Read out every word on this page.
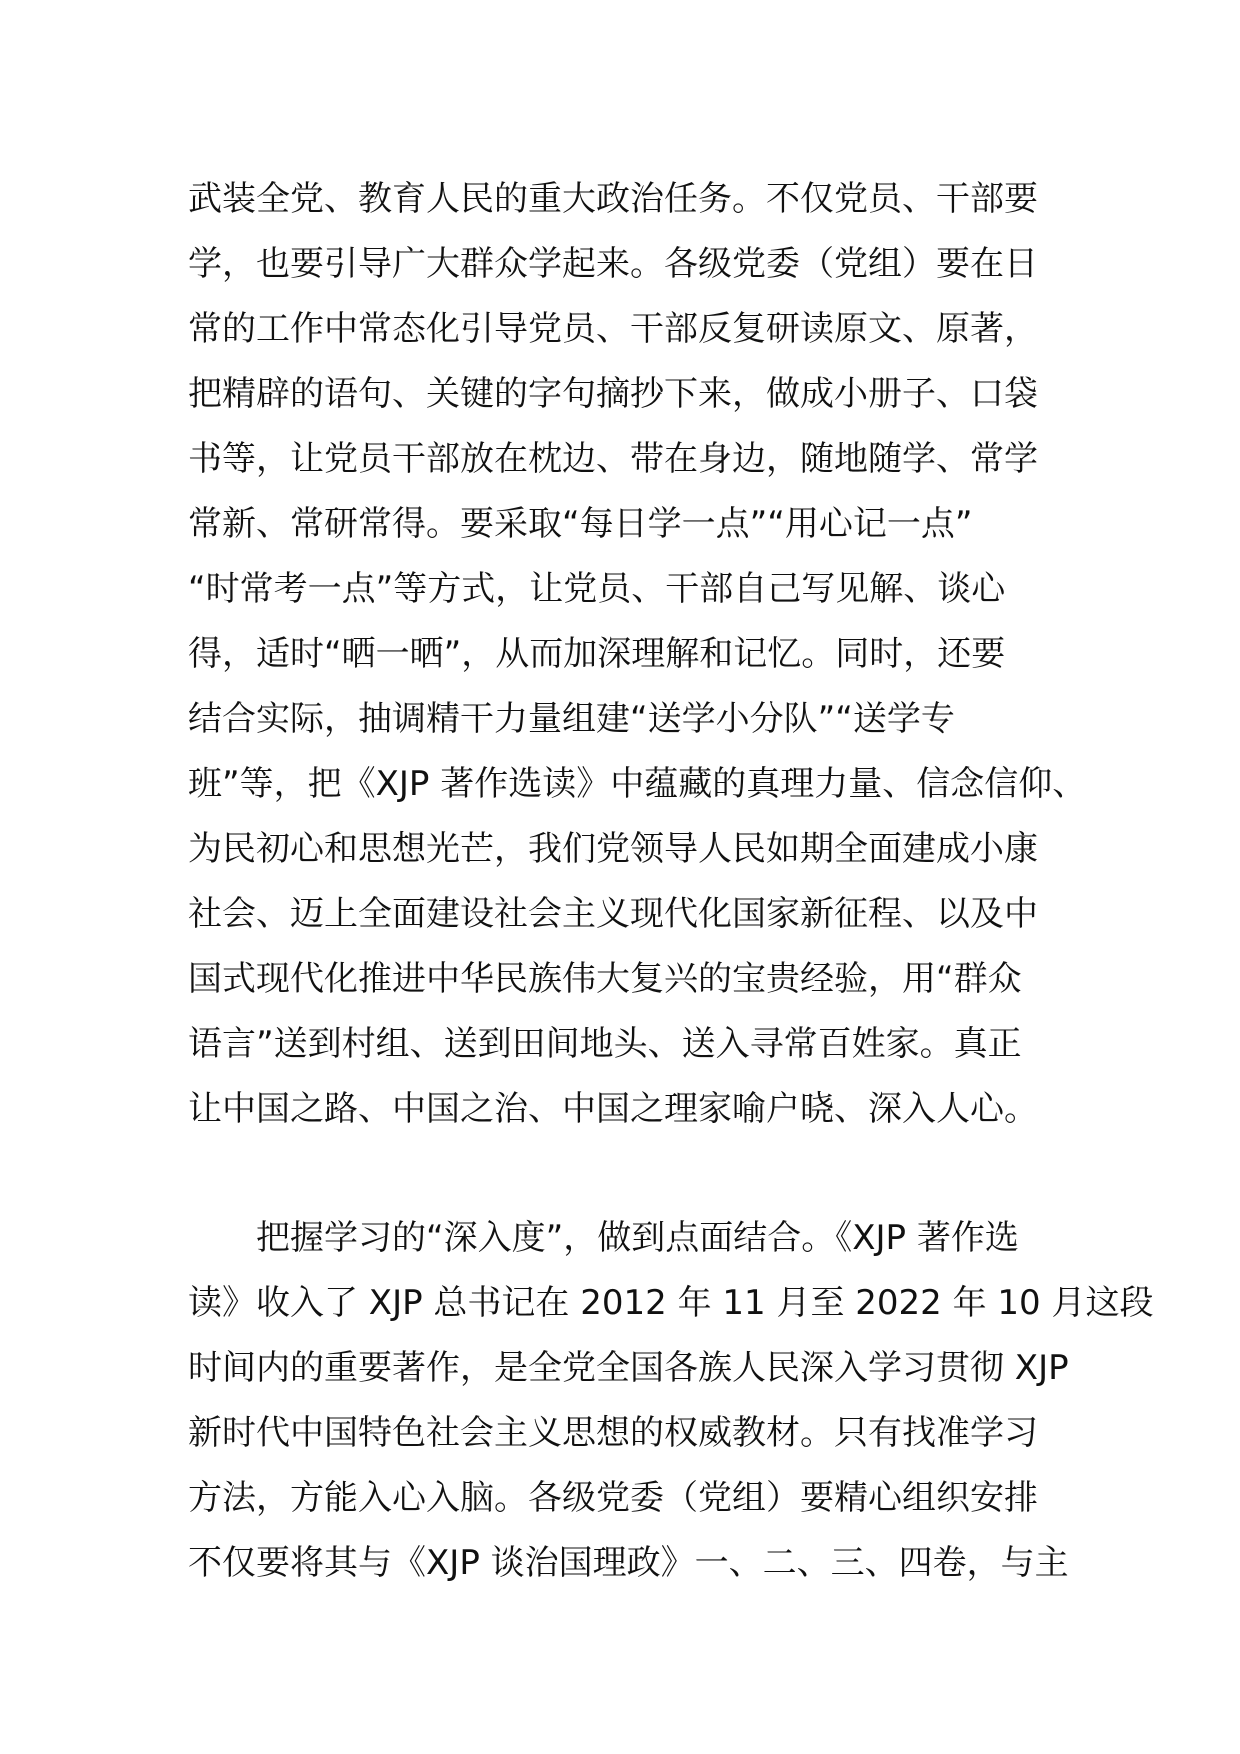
武装全党、教育人民的重大政治任务。不仅党员、干部要
学，也要引导广大群众学起来。各级党委（党组）要在日
常的工作中常态化引导党员、干部反复研读原文、原著，
把精辟的语句、关键的字句摘抄下来，做成小册子、口袋
书等，让党员干部放在枕边、带在身边，随地随学、常学
常新、常研常得。要采取“每日学一点”“用心记一点”
“时常考一点”等方式，让党员、干部自己写见解、谈心
得，适时“晒一晒”，从而加深理解和记忆。同时，还要
结合实际，抽调精干力量组建“送学小分队”“送学专
班”等，把《XJP 著作选读》中蕴藏的真理力量、信念信仰、
为民初心和思想光芒，我们党领导人民如期全面建成小康
社会、迈上全面建设社会主义现代化国家新征程、以及中
国式现代化推进中华民族伟大复兴的宝贵经验，用“群众
语言”送到村组、送到田间地头、送入寻常百姓家。真正
让中国之路、中国之治、中国之理家喻户晓、深入人心。
把握学习的“深入度”，做到点面结合。《XJP 著作选
读》收入了 XJP 总书记在 2012 年 11 月至 2022 年 10 月这段
时间内的重要著作，是全党全国各族人民深入学习贯彻 XJP
新时代中国特色社会主义思想的权威教材。只有找准学习
方法，方能入心入脑。各级党委（党组）要精心组织安排
不仅要将其与《XJP 谈治国理政》一、二、三、四卷，与主
